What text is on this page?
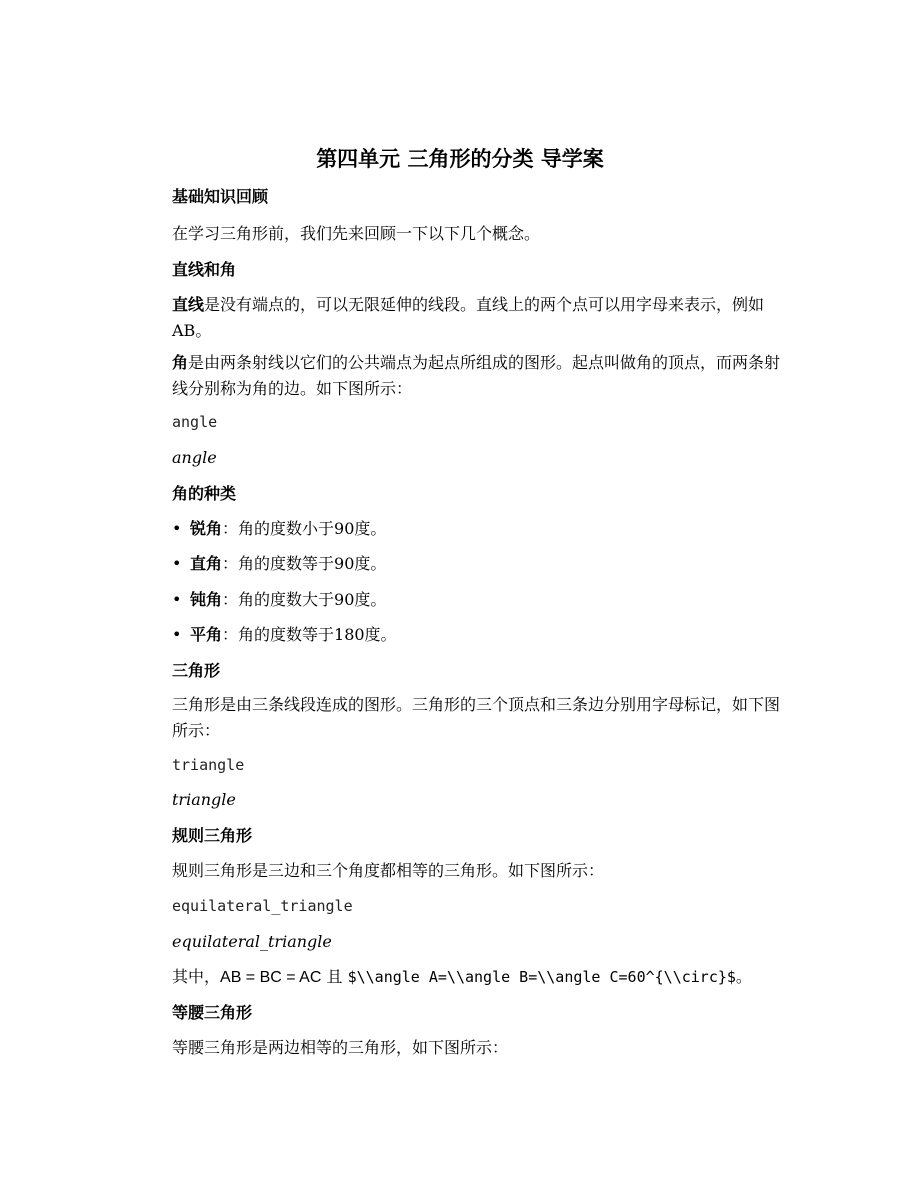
第四单元 三角形的分类 导学案

基础知识回顾

在学习三角形前，我们先来回顾一下以下几个概念。

直线和角

直线是没有端点的，可以无限延伸的线段。直线上的两个点可以用字母来表示，例如 AB。

角是由两条射线以它们的公共端点为起点所组成的图形。起点叫做角的顶点，而两条射线分别称为角的边。如下图所示：

angle

angle

角的种类

• 锐角：角的度数小于90度。

• 直角：角的度数等于90度。

• 钝角：角的度数大于90度。

• 平角：角的度数等于180度。

三角形

三角形是由三条线段连成的图形。三角形的三个顶点和三条边分别用字母标记，如下图所示：

triangle

triangle

规则三角形

规则三角形是三边和三个角度都相等的三角形。如下图所示：

equilateral_triangle

equilateral_triangle

其中，AB = BC = AC 且 $\\angle A=\\angle B=\\angle C=60^{\\circ}$。

等腰三角形

等腰三角形是两边相等的三角形，如下图所示：
